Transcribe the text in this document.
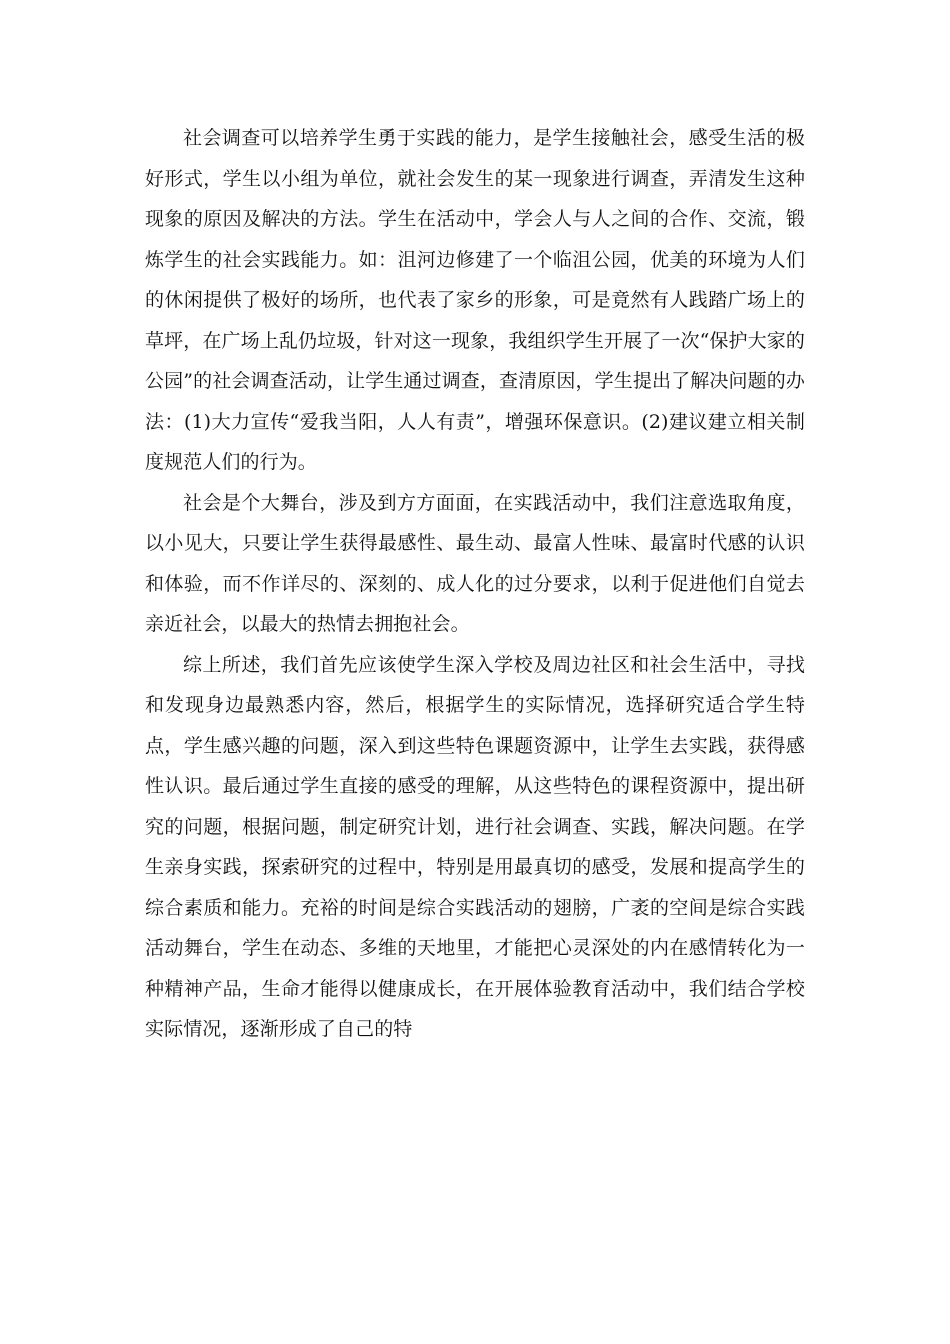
社会调查可以培养学生勇于实践的能力，是学生接触社会，感受生活的极好形式，学生以小组为单位，就社会发生的某一现象进行调查，弄清发生这种现象的原因及解决的方法。学生在活动中，学会人与人之间的合作、交流，锻炼学生的社会实践能力。如：沮河边修建了一个临沮公园，优美的环境为人们的休闲提供了极好的场所，也代表了家乡的形象，可是竟然有人践踏广场上的草坪，在广场上乱仍垃圾，针对这一现象，我组织学生开展了一次“保护大家的公园”的社会调查活动，让学生通过调查，查清原因，学生提出了解决问题的办法：(1)大力宣传“爱我当阳，人人有责”，增强环保意识。(2)建议建立相关制度规范人们的行为。

社会是个大舞台，涉及到方方面面，在实践活动中，我们注意选取角度，以小见大，只要让学生获得最感性、最生动、最富人性味、最富时代感的认识和体验，而不作详尽的、深刻的、成人化的过分要求，以利于促进他们自觉去亲近社会，以最大的热情去拥抱社会。

综上所述，我们首先应该使学生深入学校及周边社区和社会生活中，寻找和发现身边最熟悉内容，然后，根据学生的实际情况，选择研究适合学生特点，学生感兴趣的问题，深入到这些特色课题资源中，让学生去实践，获得感性认识。最后通过学生直接的感受的理解，从这些特色的课程资源中，提出研究的问题，根据问题，制定研究计划，进行社会调查、实践，解决问题。在学生亲身实践，探索研究的过程中，特别是用最真切的感受，发展和提高学生的综合素质和能力。充裕的时间是综合实践活动的翅膀，广袤的空间是综合实践活动舞台，学生在动态、多维的天地里，才能把心灵深处的内在感情转化为一种精神产品，生命才能得以健康成长，在开展体验教育活动中，我们结合学校实际情况，逐渐形成了自己的特
